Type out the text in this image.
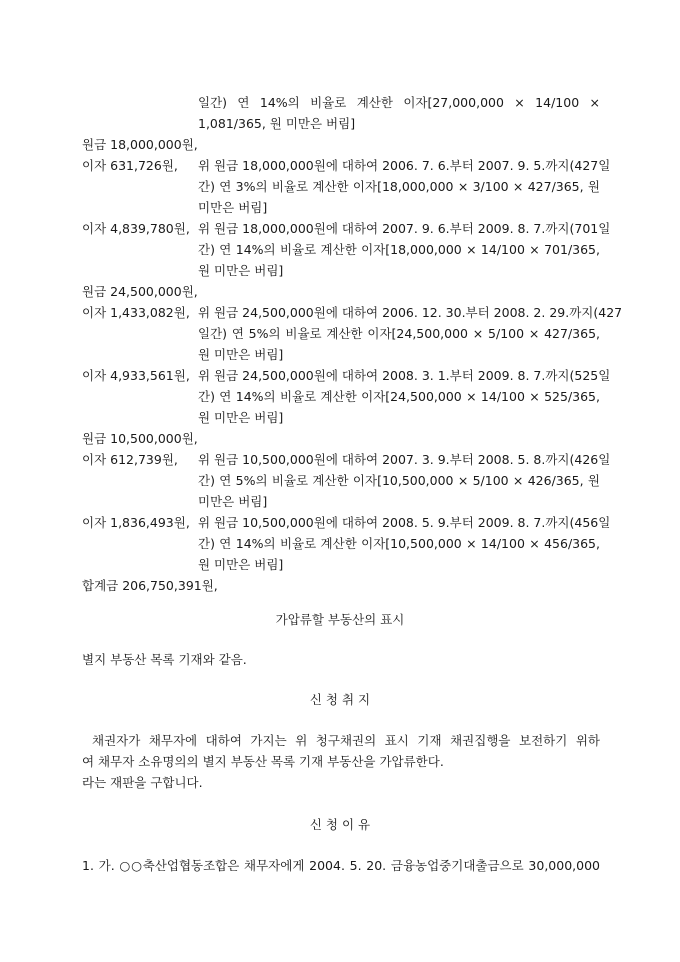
일간) 연 14%의 비율로 계산한 이자[27,000,000 × 14/100 ×
1,081/365, 원 미만은 버림]
원금 18,000,000원,
이자 631,726원, 위 원금 18,000,000원에 대하여 2006. 7. 6.부터 2007. 9. 5.까지(427일
간) 연 3%의 비율로 계산한 이자[18,000,000 × 3/100 × 427/365, 원
미만은 버림]
이자 4,839,780원, 위 원금 18,000,000원에 대하여 2007. 9. 6.부터 2009. 8. 7.까지(701일
간) 연 14%의 비율로 계산한 이자[18,000,000 × 14/100 × 701/365,
원 미만은 버림]
원금 24,500,000원,
이자 1,433,082원, 위 원금 24,500,000원에 대하여 2006. 12. 30.부터 2008. 2. 29.까지(427
일간) 연 5%의 비율로 계산한 이자[24,500,000 × 5/100 × 427/365,
원 미만은 버림]
이자 4,933,561원, 위 원금 24,500,000원에 대하여 2008. 3. 1.부터 2009. 8. 7.까지(525일
간) 연 14%의 비율로 계산한 이자[24,500,000 × 14/100 × 525/365,
원 미만은 버림]
원금 10,500,000원,
이자 612,739원, 위 원금 10,500,000원에 대하여 2007. 3. 9.부터 2008. 5. 8.까지(426일
간) 연 5%의 비율로 계산한 이자[10,500,000 × 5/100 × 426/365, 원
미만은 버림]
이자 1,836,493원, 위 원금 10,500,000원에 대하여 2008. 5. 9.부터 2009. 8. 7.까지(456일
간) 연 14%의 비율로 계산한 이자[10,500,000 × 14/100 × 456/365,
원 미만은 버림]
합계금 206,750,391원,
가압류할 부동산의 표시
별지 부동산 목록 기재와 같음.
신 청 취 지
채권자가 채무자에 대하여 가지는 위 청구채권의 표시 기재 채권집행을 보전하기 위하
여 채무자 소유명의의 별지 부동산 목록 기재 부동산을 가압류한다.
라는 재판을 구합니다.
신 청 이 유
1. 가. ○○축산업협동조합은 채무자에게 2004. 5. 20. 금융농업중기대출금으로 30,000,000
